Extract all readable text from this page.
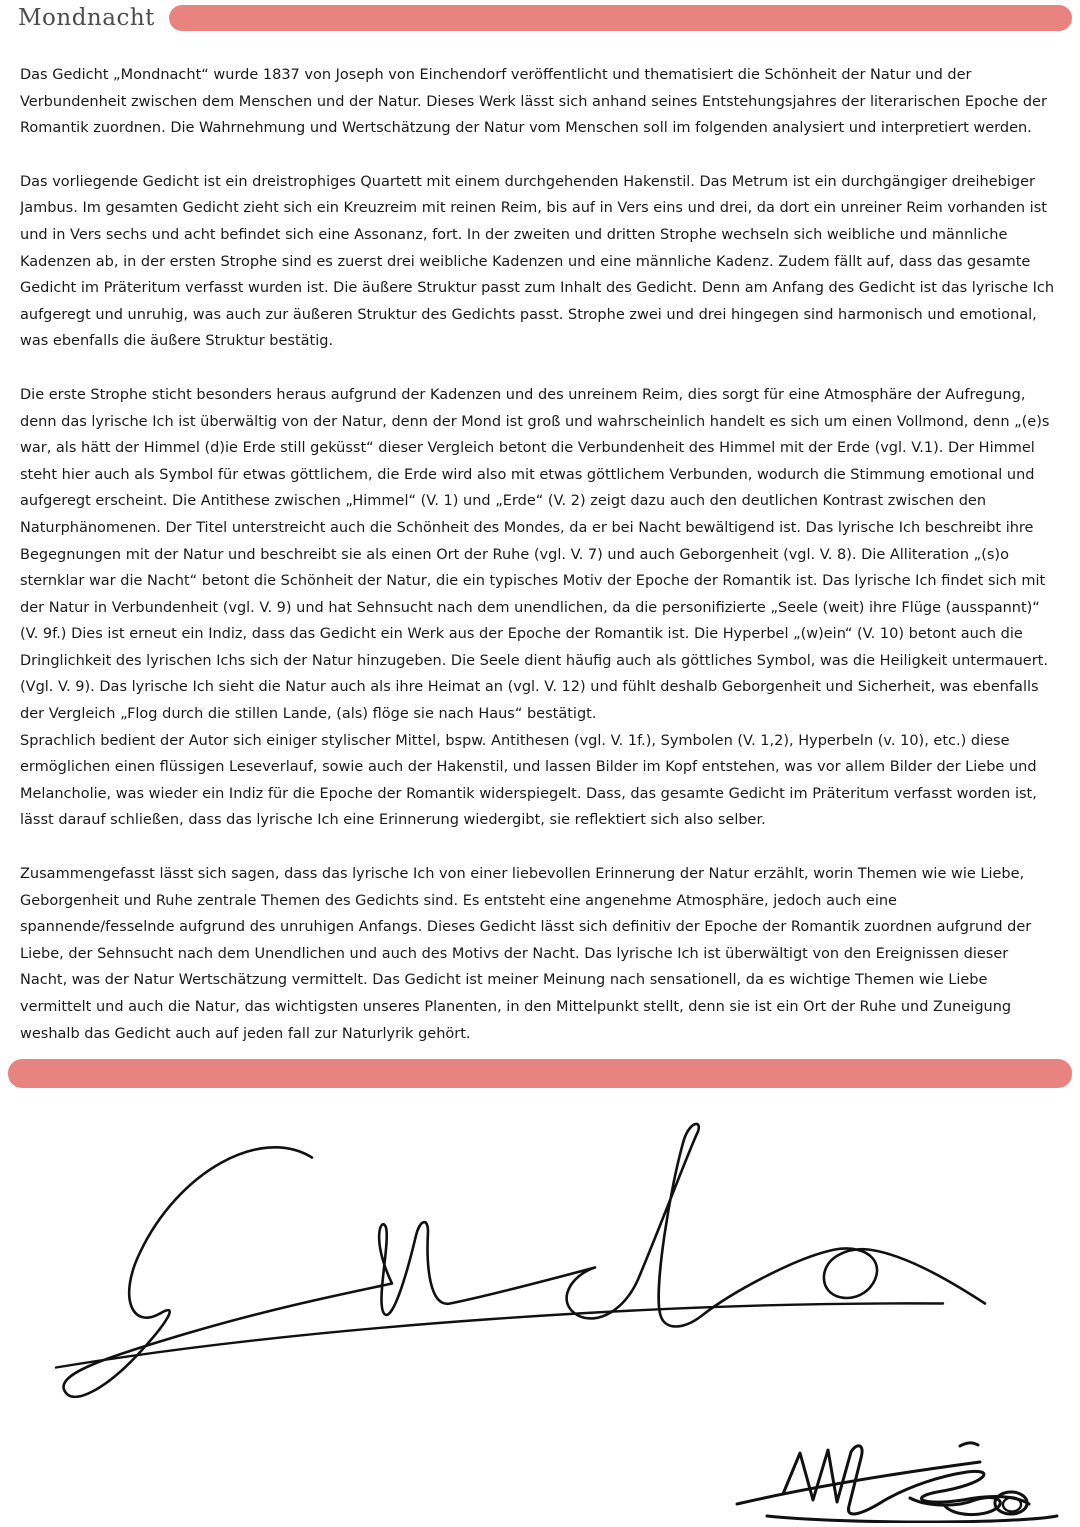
Mondnacht

Das Gedicht „Mondnacht“ wurde 1837 von Joseph von Einchendorf veröffentlicht und thematisiert die Schönheit der Natur und der Verbundenheit zwischen dem Menschen und der Natur. Dieses Werk lässt sich anhand seines Entstehungsjahres der literarischen Epoche der Romantik zuordnen. Die Wahrnehmung und Wertschätzung der Natur vom Menschen soll im folgenden analysiert und interpretiert werden.

Das vorliegende Gedicht ist ein dreistrophiges Quartett mit einem durchgehenden Hakenstil. Das Metrum ist ein durchgängiger dreihebiger Jambus. Im gesamten Gedicht zieht sich ein Kreuzreim mit reinen Reim, bis auf in Vers eins und drei, da dort ein unreiner Reim vorhanden ist und in Vers sechs und acht befindet sich eine Assonanz, fort. In der zweiten und dritten Strophe wechseln sich weibliche und männliche Kadenzen ab, in der ersten Strophe sind es zuerst drei weibliche Kadenzen und eine männliche Kadenz. Zudem fällt auf, dass das gesamte Gedicht im Präteritum verfasst wurden ist. Die äußere Struktur passt zum Inhalt des Gedicht. Denn am Anfang des Gedicht ist das lyrische Ich aufgeregt und unruhig, was auch zur äußeren Struktur des Gedichts passt. Strophe zwei und drei hingegen sind harmonisch und emotional, was ebenfalls die äußere Struktur bestätig.

Die erste Strophe sticht besonders heraus aufgrund der Kadenzen und des unreinem Reim, dies sorgt für eine Atmosphäre der Aufregung, denn das lyrische Ich ist überwältig von der Natur, denn der Mond ist groß und wahrscheinlich handelt es sich um einen Vollmond, denn „(e)s war, als hätt der Himmel (d)ie Erde still geküsst“ dieser Vergleich betont die Verbundenheit des Himmel mit der Erde (vgl. V.1). Der Himmel steht hier auch als Symbol für etwas göttlichem, die Erde wird also mit etwas göttlichem Verbunden, wodurch die Stimmung emotional und aufgeregt erscheint. Die Antithese zwischen „Himmel“ (V. 1) und „Erde“ (V. 2) zeigt dazu auch den deutlichen Kontrast zwischen den Naturphänomenen. Der Titel unterstreicht auch die Schönheit des Mondes, da er bei Nacht bewältigend ist. Das lyrische Ich beschreibt ihre Begegnungen mit der Natur und beschreibt sie als einen Ort der Ruhe (vgl. V. 7) und auch Geborgenheit (vgl. V. 8). Die Alliteration „(s)o sternklar war die Nacht“ betont die Schönheit der Natur, die ein typisches Motiv der Epoche der Romantik ist. Das lyrische Ich findet sich mit der Natur in Verbundenheit (vgl. V. 9) und hat Sehnsucht nach dem unendlichen, da die personifizierte „Seele (weit) ihre Flüge (ausspannt)“ (V. 9f.) Dies ist erneut ein Indiz, dass das Gedicht ein Werk aus der Epoche der Romantik ist. Die Hyperbel „(w)ein“ (V. 10) betont auch die Dringlichkeit des lyrischen Ichs sich der Natur hinzugeben. Die Seele dient häufig auch als göttliches Symbol, was die Heiligkeit untermauert. (Vgl. V. 9). Das lyrische Ich sieht die Natur auch als ihre Heimat an (vgl. V. 12) und fühlt deshalb Geborgenheit und Sicherheit, was ebenfalls der Vergleich „Flog durch die stillen Lande, (als) flöge sie nach Haus“ bestätigt.

Sprachlich bedient der Autor sich einiger stylischer Mittel, bspw. Antithesen (vgl. V. 1f.), Symbolen (V. 1,2), Hyperbeln (v. 10), etc.) diese ermöglichen einen flüssigen Leseverlauf, sowie auch der Hakenstil, und lassen Bilder im Kopf entstehen, was vor allem Bilder der Liebe und Melancholie, was wieder ein Indiz für die Epoche der Romantik widerspiegelt. Dass, das gesamte Gedicht im Präteritum verfasst worden ist, lässt darauf schließen, dass das lyrische Ich eine Erinnerung wiedergibt, sie reflektiert sich also selber.

Zusammengefasst lässt sich sagen, dass das lyrische Ich von einer liebevollen Erinnerung der Natur erzählt, worin Themen wie wie Liebe, Geborgenheit und Ruhe zentrale Themen des Gedichts sind. Es entsteht eine angenehme Atmosphäre, jedoch auch eine spannende/fesselnde aufgrund des unruhigen Anfangs. Dieses Gedicht lässt sich definitiv der Epoche der Romantik zuordnen aufgrund der Liebe, der Sehnsucht nach dem Unendlichen und auch des Motivs der Nacht. Das lyrische Ich ist überwältigt von den Ereignissen dieser Nacht, was der Natur Wertschätzung vermittelt. Das Gedicht ist meiner Meinung nach sensationell, da es wichtige Themen wie Liebe vermittelt und auch die Natur, das wichtigsten unseres Planenten, in den Mittelpunkt stellt, denn sie ist ein Ort der Ruhe und Zuneigung weshalb das Gedicht auch auf jeden fall zur Naturlyrik gehört.
